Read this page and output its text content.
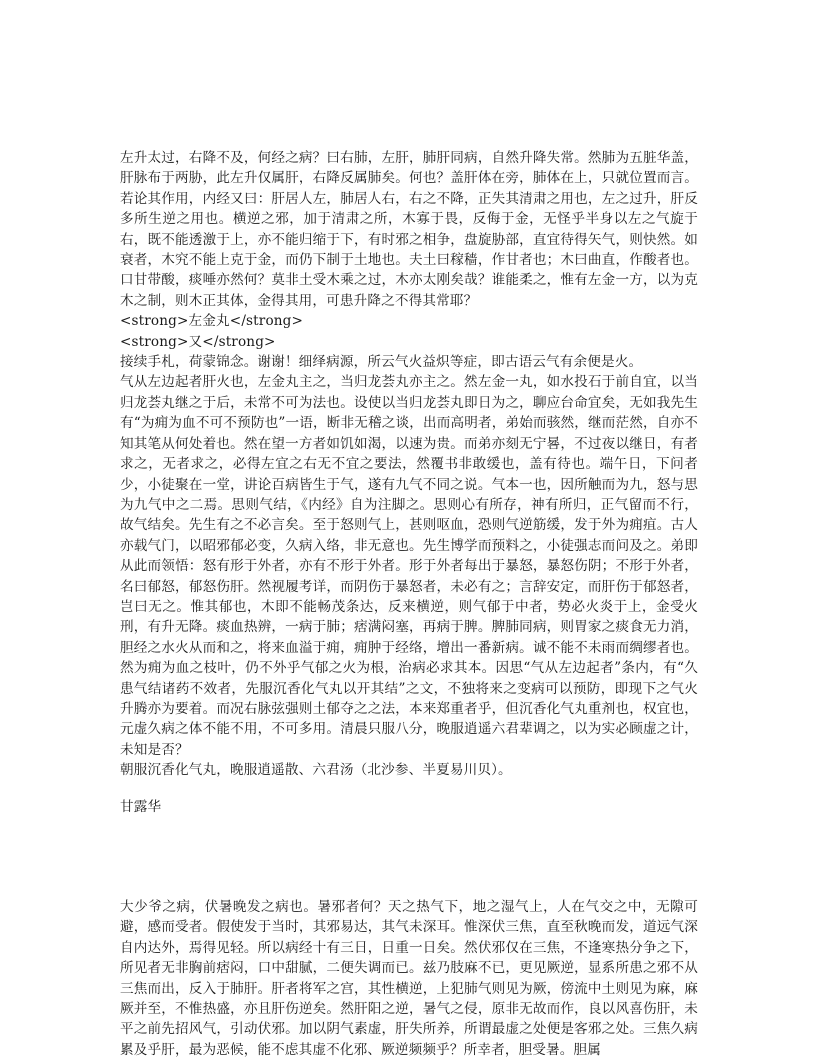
左升太过，右降不及，何经之病？曰右肺，左肝，肺肝同病，自然升降失常。然肺为五脏华盖，肝脉布于两胁，此左升仅属肝，右降反属肺矣。何也？盖肝体在旁，肺体在上，只就位置而言。若论其作用，内经又曰：肝居人左，肺居人右，右之不降，正失其清肃之用也，左之过升，肝反多所生逆之用也。横逆之邪，加于清肃之所，木寡于畏，反侮于金，无怪乎半身以左之气旋于右，既不能透激于上，亦不能归缩于下，有时邪之相争，盘旋胁部，直宜待得矢气，则快然。如衰者，木究不能上克于金，而仍下制于土地也。夫土曰稼穑，作甘者也；木曰曲直，作酸者也。口甘带酸，痰唾亦然何？莫非土受木乘之过，木亦太刚矣哉？谁能柔之，惟有左金一方，以为克木之制，则木正其体，金得其用，可患升降之不得其常耶？

<strong>左金丸</strong>

<strong>又</strong>

接续手札，荷蒙锦念。谢谢！细绎病源，所云气火益炽等症，即古语云气有余便是火。

气从左边起者肝火也，左金丸主之，当归龙荟丸亦主之。然左金一丸，如水投石于前自宜，以当归龙荟丸继之于后，未常不可为法也。设使以当归龙荟丸即日为之，聊应台命宜矣，无如我先生有“为痈为血不可不预防也”一语，断非无稽之谈，出而高明者，弟始而骇然，继而茫然，自亦不知其笔从何处着也。然在望一方者如饥如渴，以速为贵。而弟亦刻无宁晷，不过夜以继日，有者求之，无者求之，必得左宜之右无不宜之要法，然覆书非敢缓也，盖有待也。端午日，下问者少，小徒聚在一堂，讲论百病皆生于气，遂有九气不同之说。气本一也，因所触而为九，怒与思为九气中之二焉。思则气结，《内经》自为注脚之。思则心有所存，神有所归，正气留而不行，故气结矣。先生有之不必言矣。至于怒则气上，甚则呕血，恐则气逆筋缓，发于外为痈疽。古人亦载气门，以昭邪郁必变，久病入络，非无意也。先生博学而预料之，小徒强志而问及之。弟即从此而领悟：怒有形于外者，亦有不形于外者。形于外者每出于暴怒，暴怒伤阴；不形于外者，名曰郁怒，郁怒伤肝。然视履考详，而阴伤于暴怒者，未必有之；言辞安定，而肝伤于郁怒者，岂曰无之。惟其郁也，木即不能畅茂条达，反来横逆，则气郁于中者，势必火炎于上，金受火刑，有升无降。痰血热辨，一病于肺；痞满闷塞，再病于脾。脾肺同病，则胃家之痰食无力消，胆经之水火从而和之，将来血溢于痈，痈肿于经络，增出一番新病。诚不能不未雨而绸缪者也。然为痈为血之枝叶，仍不外乎气郁之火为根，治病必求其本。因思“气从左边起者”条内，有“久患气结诸药不效者，先服沉香化气丸以开其结”之文，不独将来之变病可以预防，即现下之气火升腾亦为要着。而况右脉弦强则土郁夺之之法，本来郑重者乎，但沉香化气丸重剂也，权宜也，元虚久病之体不能不用，不可多用。清晨只服八分，晚服逍遥六君辈调之，以为实必顾虚之计，未知是否？

朝服沉香化气丸，晚服逍遥散、六君汤（北沙参、半夏易川贝）。

甘露华

大少爷之病，伏暑晚发之病也。暑邪者何？天之热气下，地之湿气上，人在气交之中，无隙可避，感而受者。假使发于当时，其邪易达，其气未深耳。惟深伏三焦，直至秋晚而发，道远气深自内达外，焉得见轻。所以病经十有三日，日重一日矣。然伏邪仅在三焦，不逢寒热分争之下，所见者无非胸前痞闷，口中甜腻，二便失调而已。兹乃肢麻不已，更见厥逆，显系所患之邪不从三焦而出，反入于肺肝。肝者将军之宫，其性横逆，上犯肺气则见为厥，傍流中土则见为麻，麻厥并至，不惟热盛，亦且肝伤逆矣。然肝阳之逆，暑气之侵，原非无故而作，良以风喜伤肝，未平之前先招风气，引动伏邪。加以阴气素虚，肝失所养，所谓最虚之处便是客邪之处。三焦久病累及乎肝，最为恶候，能不虑其虚不化邪、厥逆频频乎？所幸者，胆受暑。胆属
